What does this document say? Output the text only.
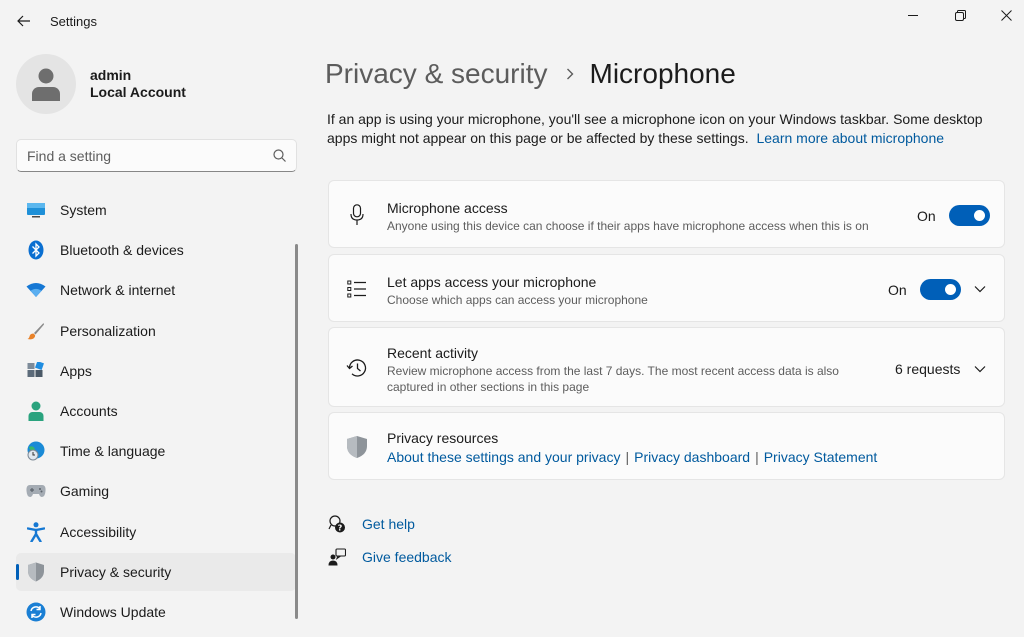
Settings
admin
Local Account
Find a setting
System
Bluetooth & devices
Network & internet
Personalization
Apps
Accounts
Time & language
Gaming
Accessibility
Privacy & security
Windows Update
Privacy & security Microphone

If an app is using your microphone, you'll see a microphone icon on your Windows taskbar. Some desktop apps might not appear on this page or be affected by these settings. Learn more about microphone

Microphone access
Anyone using this device can choose if their apps have microphone access when this is on
On
Let apps access your microphone
Choose which apps can access your microphone
On
Recent activity
Review microphone access from the last 7 days. The most recent access data is also
captured in other sections in this page
6 requests
Privacy resources
About these settings and your privacy | Privacy dashboard | Privacy Statement
? Get help
Give feedback
